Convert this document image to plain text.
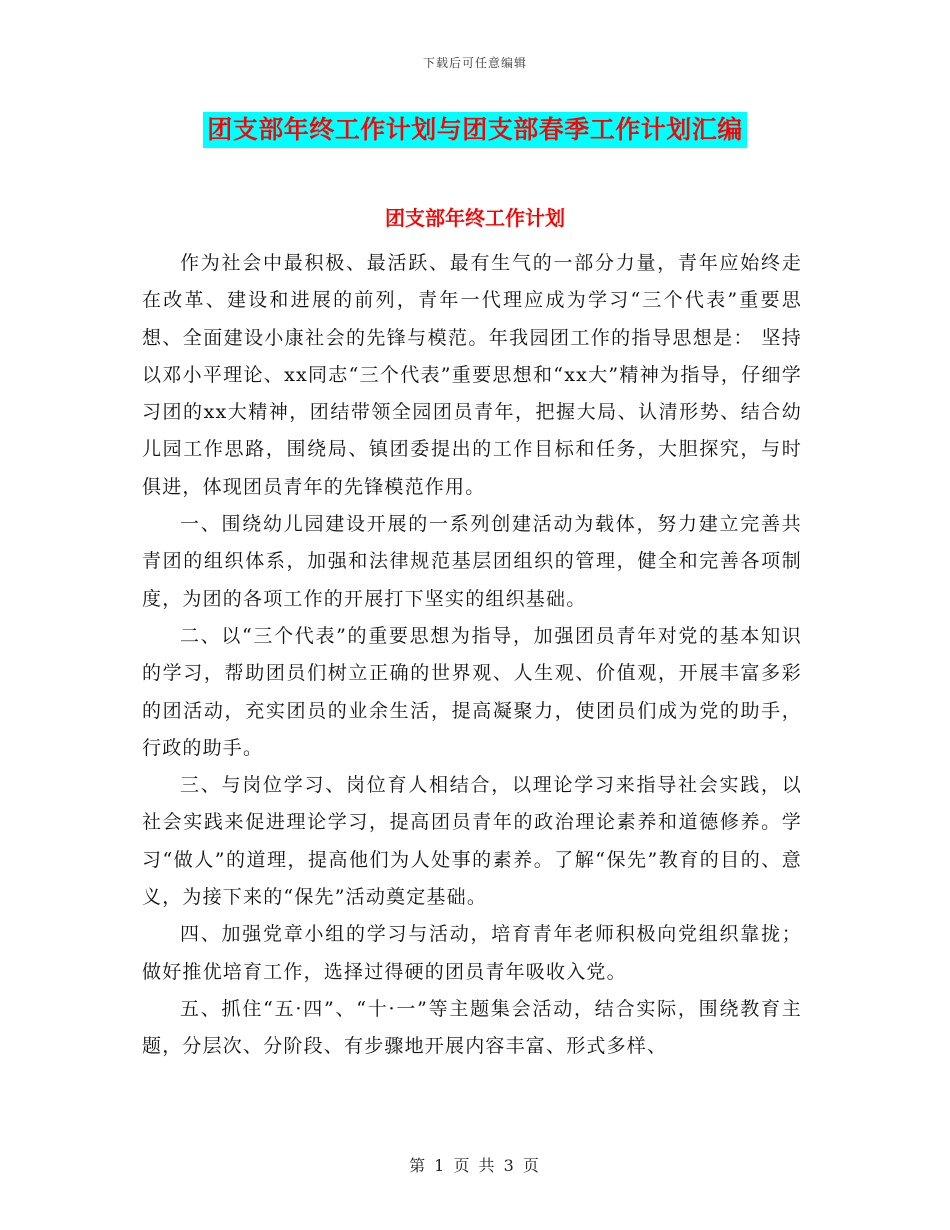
下载后可任意编辑
团支部年终工作计划与团支部春季工作计划汇编
团支部年终工作计划

作为社会中最积极、最活跃、最有生气的一部分力量，青年应始终走在改革、建设和进展的前列，青年一代理应成为学习“三个代表”重要思想、全面建设小康社会的先锋与模范。年我园团工作的指导思想是： 坚持以邓小平理论、xx同志“三个代表”重要思想和“xx大”精神为指导，仔细学习团的xx大精神，团结带领全园团员青年，把握大局、认清形势、结合幼儿园工作思路，围绕局、镇团委提出的工作目标和任务，大胆探究，与时俱进，体现团员青年的先锋模范作用。

一、围绕幼儿园建设开展的一系列创建活动为载体，努力建立完善共青团的组织体系，加强和法律规范基层团组织的管理，健全和完善各项制度，为团的各项工作的开展打下坚实的组织基础。

二、以“三个代表”的重要思想为指导，加强团员青年对党的基本知识的学习，帮助团员们树立正确的世界观、人生观、价值观，开展丰富多彩的团活动，充实团员的业余生活，提高凝聚力，使团员们成为党的助手，行政的助手。

三、与岗位学习、岗位育人相结合，以理论学习来指导社会实践，以社会实践来促进理论学习，提高团员青年的政治理论素养和道德修养。学习“做人”的道理，提高他们为人处事的素养。了解“保先”教育的目的、意义，为接下来的“保先”活动奠定基础。

四、加强党章小组的学习与活动，培育青年老师积极向党组织靠拢；做好推优培育工作，选择过得硬的团员青年吸收入党。

五、抓住“五·四”、“十·一”等主题集会活动，结合实际，围绕教育主题，分层次、分阶段、有步骤地开展内容丰富、形式多样、

第 1 页 共 3 页
